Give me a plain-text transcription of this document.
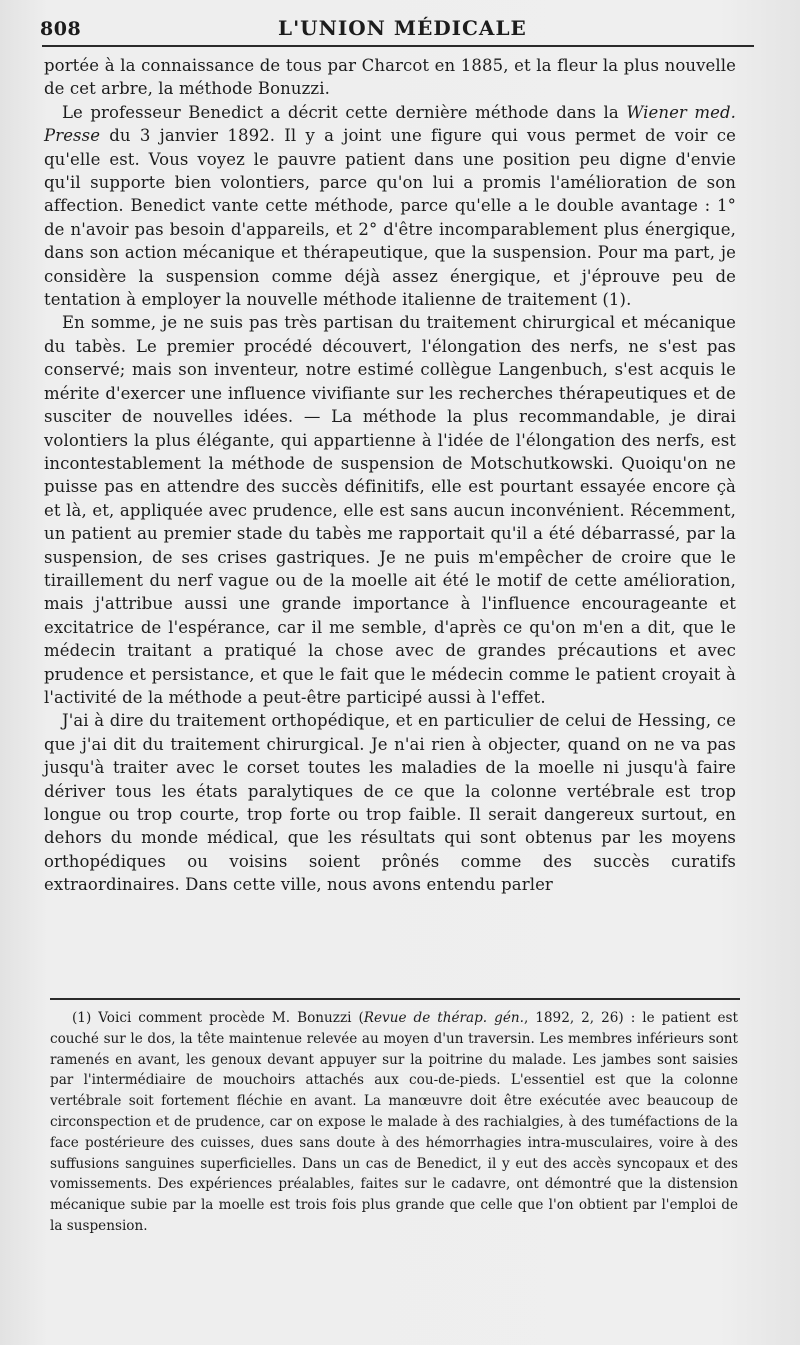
808	L'UNION MÉDICALE

portée à la connaissance de tous par Charcot en 1885, et la fleur la plus nouvelle de cet arbre, la méthode Bonuzzi.

Le professeur Benedict a décrit cette dernière méthode dans la Wiener med. Presse du 3 janvier 1892. Il y a joint une figure qui vous permet de voir ce qu'elle est. Vous voyez le pauvre patient dans une position peu digne d'envie qu'il supporte bien volontiers, parce qu'on lui a promis l'amélioration de son affection. Benedict vante cette méthode, parce qu'elle a le double avantage : 1° de n'avoir pas besoin d'appareils, et 2° d'être incomparablement plus énergique, dans son action mécanique et thérapeutique, que la suspension. Pour ma part, je considère la suspension comme déjà assez énergique, et j'éprouve peu de tentation à employer la nouvelle méthode italienne de traitement (1).

En somme, je ne suis pas très partisan du traitement chirurgical et mécanique du tabès. Le premier procédé découvert, l'élongation des nerfs, ne s'est pas conservé; mais son inventeur, notre estimé collègue Langenbuch, s'est acquis le mérite d'exercer une influence vivifiante sur les recherches thérapeutiques et de susciter de nouvelles idées. — La méthode la plus recommandable, je dirai volontiers la plus élégante, qui appartienne à l'idée de l'élongation des nerfs, est incontestablement la méthode de suspension de Motschutkowski. Quoiqu'on ne puisse pas en attendre des succès définitifs, elle est pourtant essayée encore çà et là, et, appliquée avec prudence, elle est sans aucun inconvénient. Récemment, un patient au premier stade du tabès me rapportait qu'il a été débarrassé, par la suspension, de ses crises gastriques. Je ne puis m'empêcher de croire que le tiraillement du nerf vague ou de la moelle ait été le motif de cette amélioration, mais j'attribue aussi une grande importance à l'influence encourageante et excitatrice de l'espérance, car il me semble, d'après ce qu'on m'en a dit, que le médecin traitant a pratiqué la chose avec de grandes précautions et avec prudence et persistance, et que le fait que le médecin comme le patient croyait à l'activité de la méthode a peut-être participé aussi à l'effet.

J'ai à dire du traitement orthopédique, et en particulier de celui de Hessing, ce que j'ai dit du traitement chirurgical. Je n'ai rien à objecter, quand on ne va pas jusqu'à traiter avec le corset toutes les maladies de la moelle ni jusqu'à faire dériver tous les états paralytiques de ce que la colonne vertébrale est trop longue ou trop courte, trop forte ou trop faible. Il serait dangereux surtout, en dehors du monde médical, que les résultats qui sont obtenus par les moyens orthopédiques ou voisins soient prônés comme des succès curatifs extraordinaires. Dans cette ville, nous avons entendu parler

(1) Voici comment procède M. Bonuzzi (Revue de thérap. gén., 1892, 2, 26) : le patient est couché sur le dos, la tête maintenue relevée au moyen d'un traversin. Les membres inférieurs sont ramenés en avant, les genoux devant appuyer sur la poitrine du malade. Les jambes sont saisies par l'intermédiaire de mouchoirs attachés aux cou-de-pieds. L'essentiel est que la colonne vertébrale soit fortement fléchie en avant. La manœuvre doit être exécutée avec beaucoup de circonspection et de prudence, car on expose le malade à des rachialgies, à des tuméfactions de la face postérieure des cuisses, dues sans doute à des hémorrhagies intra-musculaires, voire à des suffusions sanguines superficielles. Dans un cas de Benedict, il y eut des accès syncopaux et des vomissements. Des expériences préalables, faites sur le cadavre, ont démontré que la distension mécanique subie par la moelle est trois fois plus grande que celle que l'on obtient par l'emploi de la suspension.
